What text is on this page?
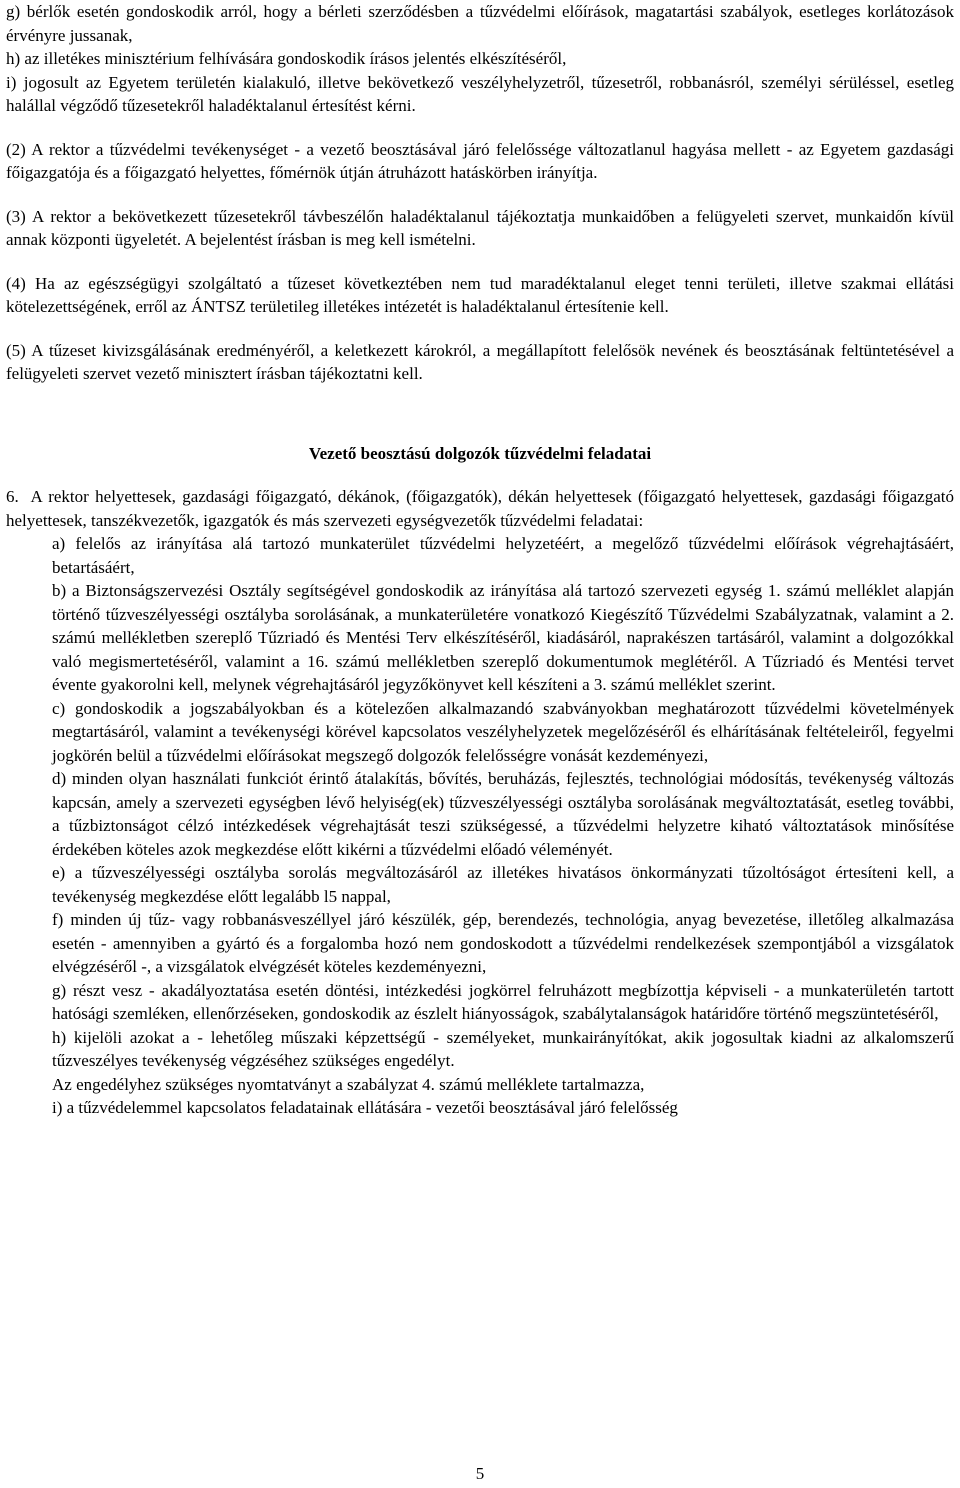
g) bérlők esetén gondoskodik arról, hogy a bérleti szerződésben a tűzvédelmi előírások, magatartási szabályok, esetleges korlátozások érvényre jussanak,

h) az illetékes minisztérium felhívására gondoskodik írásos jelentés elkészítéséről,

i) jogosult az Egyetem területén kialakuló, illetve bekövetkező veszélyhelyzetről, tűzesetről, robbanásról, személyi sérüléssel, esetleg halállal végződő tűzesetekről haladéktalanul értesítést kérni.

(2) A rektor a tűzvédelmi tevékenységet - a vezető beosztásával járó felelőssége változatlanul hagyása mellett - az Egyetem gazdasági főigazgatója és a főigazgató helyettes, főmérnök útján átruházott hatáskörben irányítja.

(3) A rektor a bekövetkezett tűzesetekről távbeszélőn haladéktalanul tájékoztatja munkaidőben a felügyeleti szervet, munkaidőn kívül annak központi ügyeletét. A bejelentést írásban is meg kell ismételni.

(4) Ha az egészségügyi szolgáltató a tűzeset következtében nem tud maradéktalanul eleget tenni területi, illetve szakmai ellátási kötelezettségének, erről az ÁNTSZ területileg illetékes intézetét is haladéktalanul értesítenie kell.

(5) A tűzeset kivizsgálásának eredményéről, a keletkezett károkról, a megállapított felelősök nevének és beosztásának feltüntetésével a felügyeleti szervet vezető minisztert írásban tájékoztatni kell.

Vezető beosztású dolgozók tűzvédelmi feladatai

6. A rektor helyettesek, gazdasági főigazgató, dékánok, (főigazgatók), dékán helyettesek (főigazgató helyettesek, gazdasági főigazgató helyettesek, tanszékvezetők, igazgatók és más szervezeti egységvezetők tűzvédelmi feladatai:

a) felelős az irányítása alá tartozó munkaterület tűzvédelmi helyzetéért, a megelőző tűzvédelmi előírások végrehajtásáért, betartásáért,

b) a Biztonságszervezési Osztály segítségével gondoskodik az irányítása alá tartozó szervezeti egység 1. számú melléklet alapján történő tűzveszélyességi osztályba sorolásának, a munkaterületére vonatkozó Kiegészítő Tűzvédelmi Szabályzatnak, valamint a 2. számú mellékletben szereplő Tűzriadó és Mentési Terv elkészítéséről, kiadásáról, naprakészen tartásáról, valamint a dolgozókkal való megismertetéséről, valamint a 16. számú mellékletben szereplő dokumentumok meglétéről. A Tűzriadó és Mentési tervet évente gyakorolni kell, melynek végrehajtásáról jegyzőkönyvet kell készíteni a 3. számú melléklet szerint.

c) gondoskodik a jogszabályokban és a kötelezően alkalmazandó szabványokban meghatározott tűzvédelmi követelmények megtartásáról, valamint a tevékenységi körével kapcsolatos veszélyhelyzetek megelőzéséről és elhárításának feltételeiről, fegyelmi jogkörén belül a tűzvédelmi előírásokat megszegő dolgozók felelősségre vonását kezdeményezi,

d) minden olyan használati funkciót érintő átalakítás, bővítés, beruházás, fejlesztés, technológiai módosítás, tevékenység változás kapcsán, amely a szervezeti egységben lévő helyiség(ek) tűzveszélyességi osztályba sorolásának megváltoztatását, esetleg további, a tűzbiztonságot célzó intézkedések végrehajtását teszi szükségessé, a tűzvédelmi helyzetre kiható változtatások minősítése érdekében köteles azok megkezdése előtt kikérni a tűzvédelmi előadó véleményét.

e) a tűzveszélyességi osztályba sorolás megváltozásáról az illetékes hivatásos önkormányzati tűzoltóságot értesíteni kell, a tevékenység megkezdése előtt legalább l5 nappal,

f) minden új tűz- vagy robbanásveszéllyel járó készülék, gép, berendezés, technológia, anyag bevezetése, illetőleg alkalmazása esetén - amennyiben a gyártó és a forgalomba hozó nem gondoskodott a tűzvédelmi rendelkezések szempontjából a vizsgálatok elvégzéséről -, a vizsgálatok elvégzését köteles kezdeményezni,

g) részt vesz - akadályoztatása esetén döntési, intézkedési jogkörrel felruházott megbízottja képviseli - a munkaterületén tartott hatósági szemléken, ellenőrzéseken, gondoskodik az észlelt hiányosságok, szabálytalanságok határidőre történő megszüntetéséről,

h) kijelöli azokat a - lehetőleg műszaki képzettségű - személyeket, munkairányítókat, akik jogosultak kiadni az alkalomszerű tűzveszélyes tevékenység végzéséhez szükséges engedélyt.

Az engedélyhez szükséges nyomtatványt a szabályzat 4. számú melléklete tartalmazza,

i) a tűzvédelemmel kapcsolatos feladatainak ellátására - vezetői beosztásával járó felelősség

5
